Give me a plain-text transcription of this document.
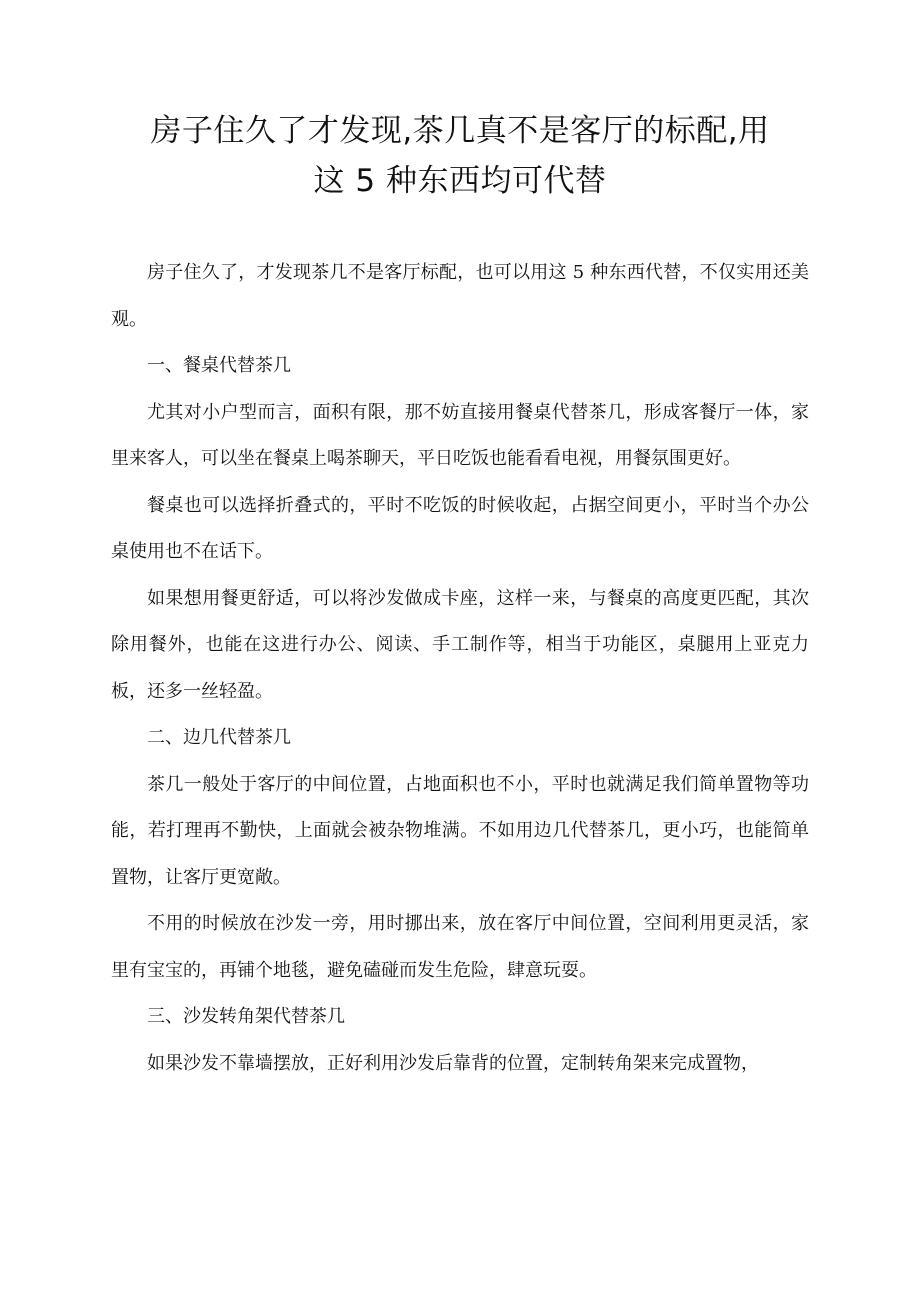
房子住久了才发现,茶几真不是客厅的标配,用
这 5 种东西均可代替

房子住久了，才发现茶几不是客厅标配，也可以用这 5 种东西代替，不仅实用还美观。

一、餐桌代替茶几

尤其对小户型而言，面积有限，那不妨直接用餐桌代替茶几，形成客餐厅一体，家里来客人，可以坐在餐桌上喝茶聊天，平日吃饭也能看看电视，用餐氛围更好。

餐桌也可以选择折叠式的，平时不吃饭的时候收起，占据空间更小，平时当个办公桌使用也不在话下。

如果想用餐更舒适，可以将沙发做成卡座，这样一来，与餐桌的高度更匹配，其次除用餐外，也能在这进行办公、阅读、手工制作等，相当于功能区，桌腿用上亚克力板，还多一丝轻盈。

二、边几代替茶几

茶几一般处于客厅的中间位置，占地面积也不小，平时也就满足我们简单置物等功能，若打理再不勤快，上面就会被杂物堆满。不如用边几代替茶几，更小巧，也能简单置物，让客厅更宽敞。

不用的时候放在沙发一旁，用时挪出来，放在客厅中间位置，空间利用更灵活，家里有宝宝的，再铺个地毯，避免磕碰而发生危险，肆意玩耍。

三、沙发转角架代替茶几

如果沙发不靠墙摆放，正好利用沙发后靠背的位置，定制转角架来完成置物，
